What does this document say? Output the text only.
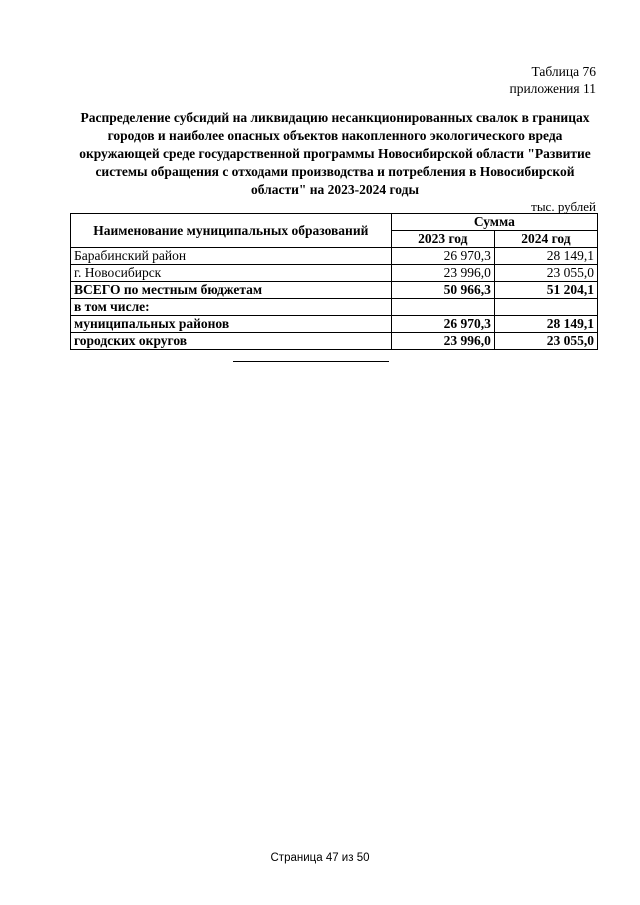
Таблица 76
приложения 11
Распределение субсидий на ликвидацию несанкционированных свалок в границах городов и наиболее опасных объектов накопленного экологического вреда окружающей среде государственной программы Новосибирской области "Развитие системы обращения с отходами производства и потребления в Новосибирской области" на 2023-2024 годы
тыс. рублей
Наименование муниципальных образований	Сумма	
	2023 год	2024 год
Барабинский район	26 970,3	28 149,1
г. Новосибирск	23 996,0	23 055,0
ВСЕГО по местным бюджетам	50 966,3	51 204,1
в том числе:		
муниципальных районов	26 970,3	28 149,1
городских округов	23 996,0	23 055,0
Страница 47 из 50
